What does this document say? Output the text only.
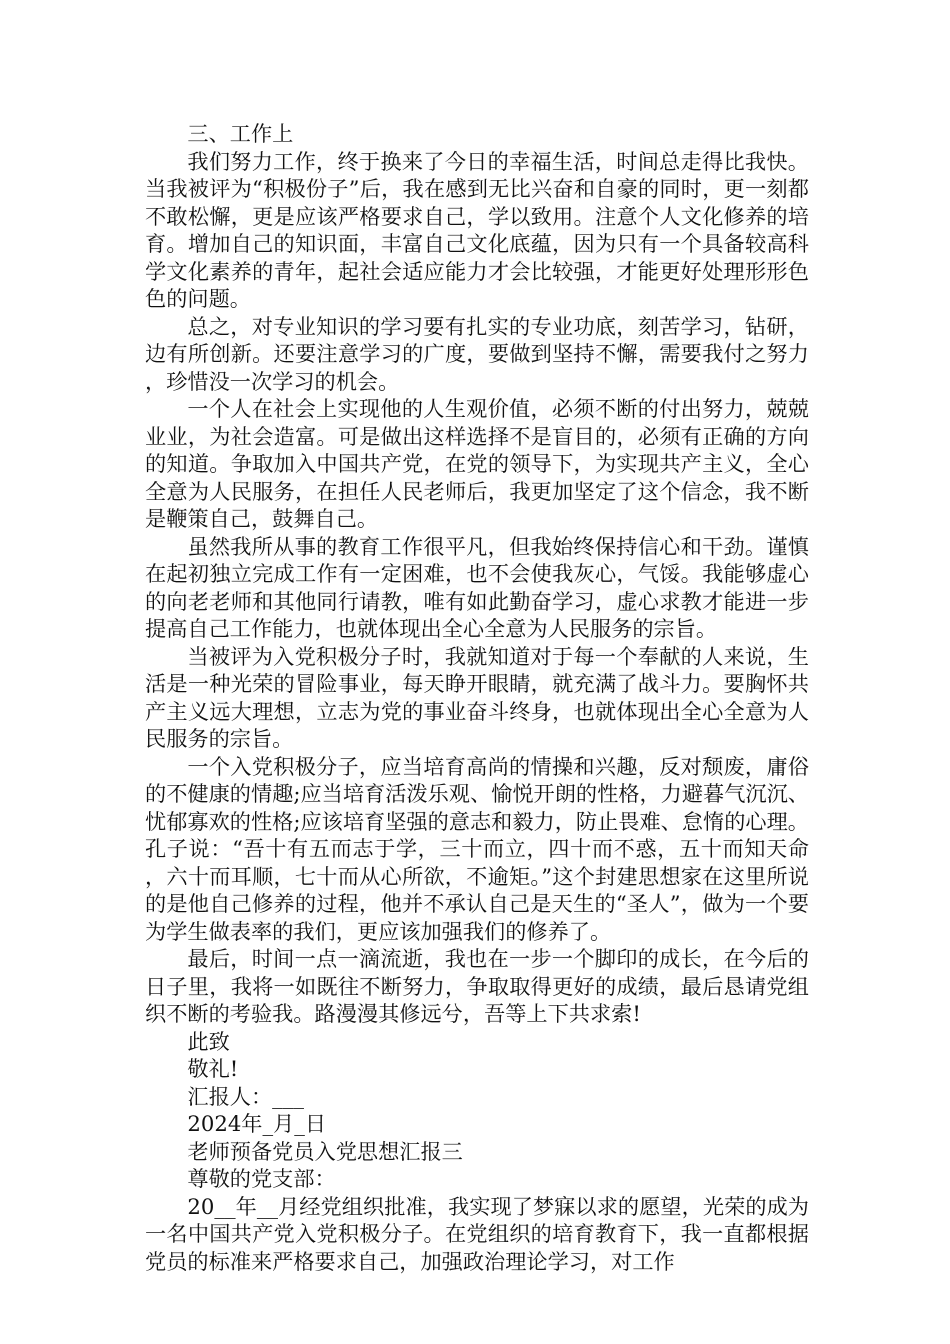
三、工作上

我们努力工作，终于换来了今日的幸福生活，时间总走得比我快。当我被评为“积极份子”后，我在感到无比兴奋和自豪的同时，更一刻都不敢松懈，更是应该严格要求自己，学以致用。注意个人文化修养的培育。增加自己的知识面，丰富自己文化底蕴，因为只有一个具备较高科学文化素养的青年，起社会适应能力才会比较强，才能更好处理形形色色的问题。

总之，对专业知识的学习要有扎实的专业功底，刻苦学习，钻研，边有所创新。还要注意学习的广度，要做到坚持不懈，需要我付之努力，珍惜没一次学习的机会。

一个人在社会上实现他的人生观价值，必须不断的付出努力，兢兢业业，为社会造富。可是做出这样选择不是盲目的，必须有正确的方向的知道。争取加入中国共产党，在党的领导下，为实现共产主义，全心全意为人民服务，在担任人民老师后，我更加坚定了这个信念，我不断是鞭策自己，鼓舞自己。

虽然我所从事的教育工作很平凡，但我始终保持信心和干劲。谨慎在起初独立完成工作有一定困难，也不会使我灰心，气馁。我能够虚心的向老老师和其他同行请教，唯有如此勤奋学习，虚心求教才能进一步提高自己工作能力，也就体现出全心全意为人民服务的宗旨。

当被评为入党积极分子时，我就知道对于每一个奉献的人来说，生活是一种光荣的冒险事业，每天睁开眼睛，就充满了战斗力。要胸怀共产主义远大理想，立志为党的事业奋斗终身，也就体现出全心全意为人民服务的宗旨。

一个入党积极分子，应当培育高尚的情操和兴趣，反对颓废，庸俗的不健康的情趣;应当培育活泼乐观、愉悦开朗的性格，力避暮气沉沉、忧郁寡欢的性格;应该培育坚强的意志和毅力，防止畏难、怠惰的心理。孔子说：“吾十有五而志于学，三十而立，四十而不惑，五十而知天命，六十而耳顺，七十而从心所欲，不逾矩。”这个封建思想家在这里所说的是他自己修养的过程，他并不承认自己是天生的“圣人”，做为一个要为学生做表率的我们，更应该加强我们的修养了。

最后，时间一点一滴流逝，我也在一步一个脚印的成长，在今后的日子里，我将一如既往不断努力，争取取得更好的成绩，最后恳请党组织不断的考验我。路漫漫其修远兮，吾等上下共求索!

此致

敬礼!

汇报人：___

2024年_月_日

老师预备党员入党思想汇报三

尊敬的党支部：

20__年__月经党组织批准，我实现了梦寐以求的愿望，光荣的成为一名中国共产党入党积极分子。在党组织的培育教育下，我一直都根据党员的标准来严格要求自己，加强政治理论学习，对工作
